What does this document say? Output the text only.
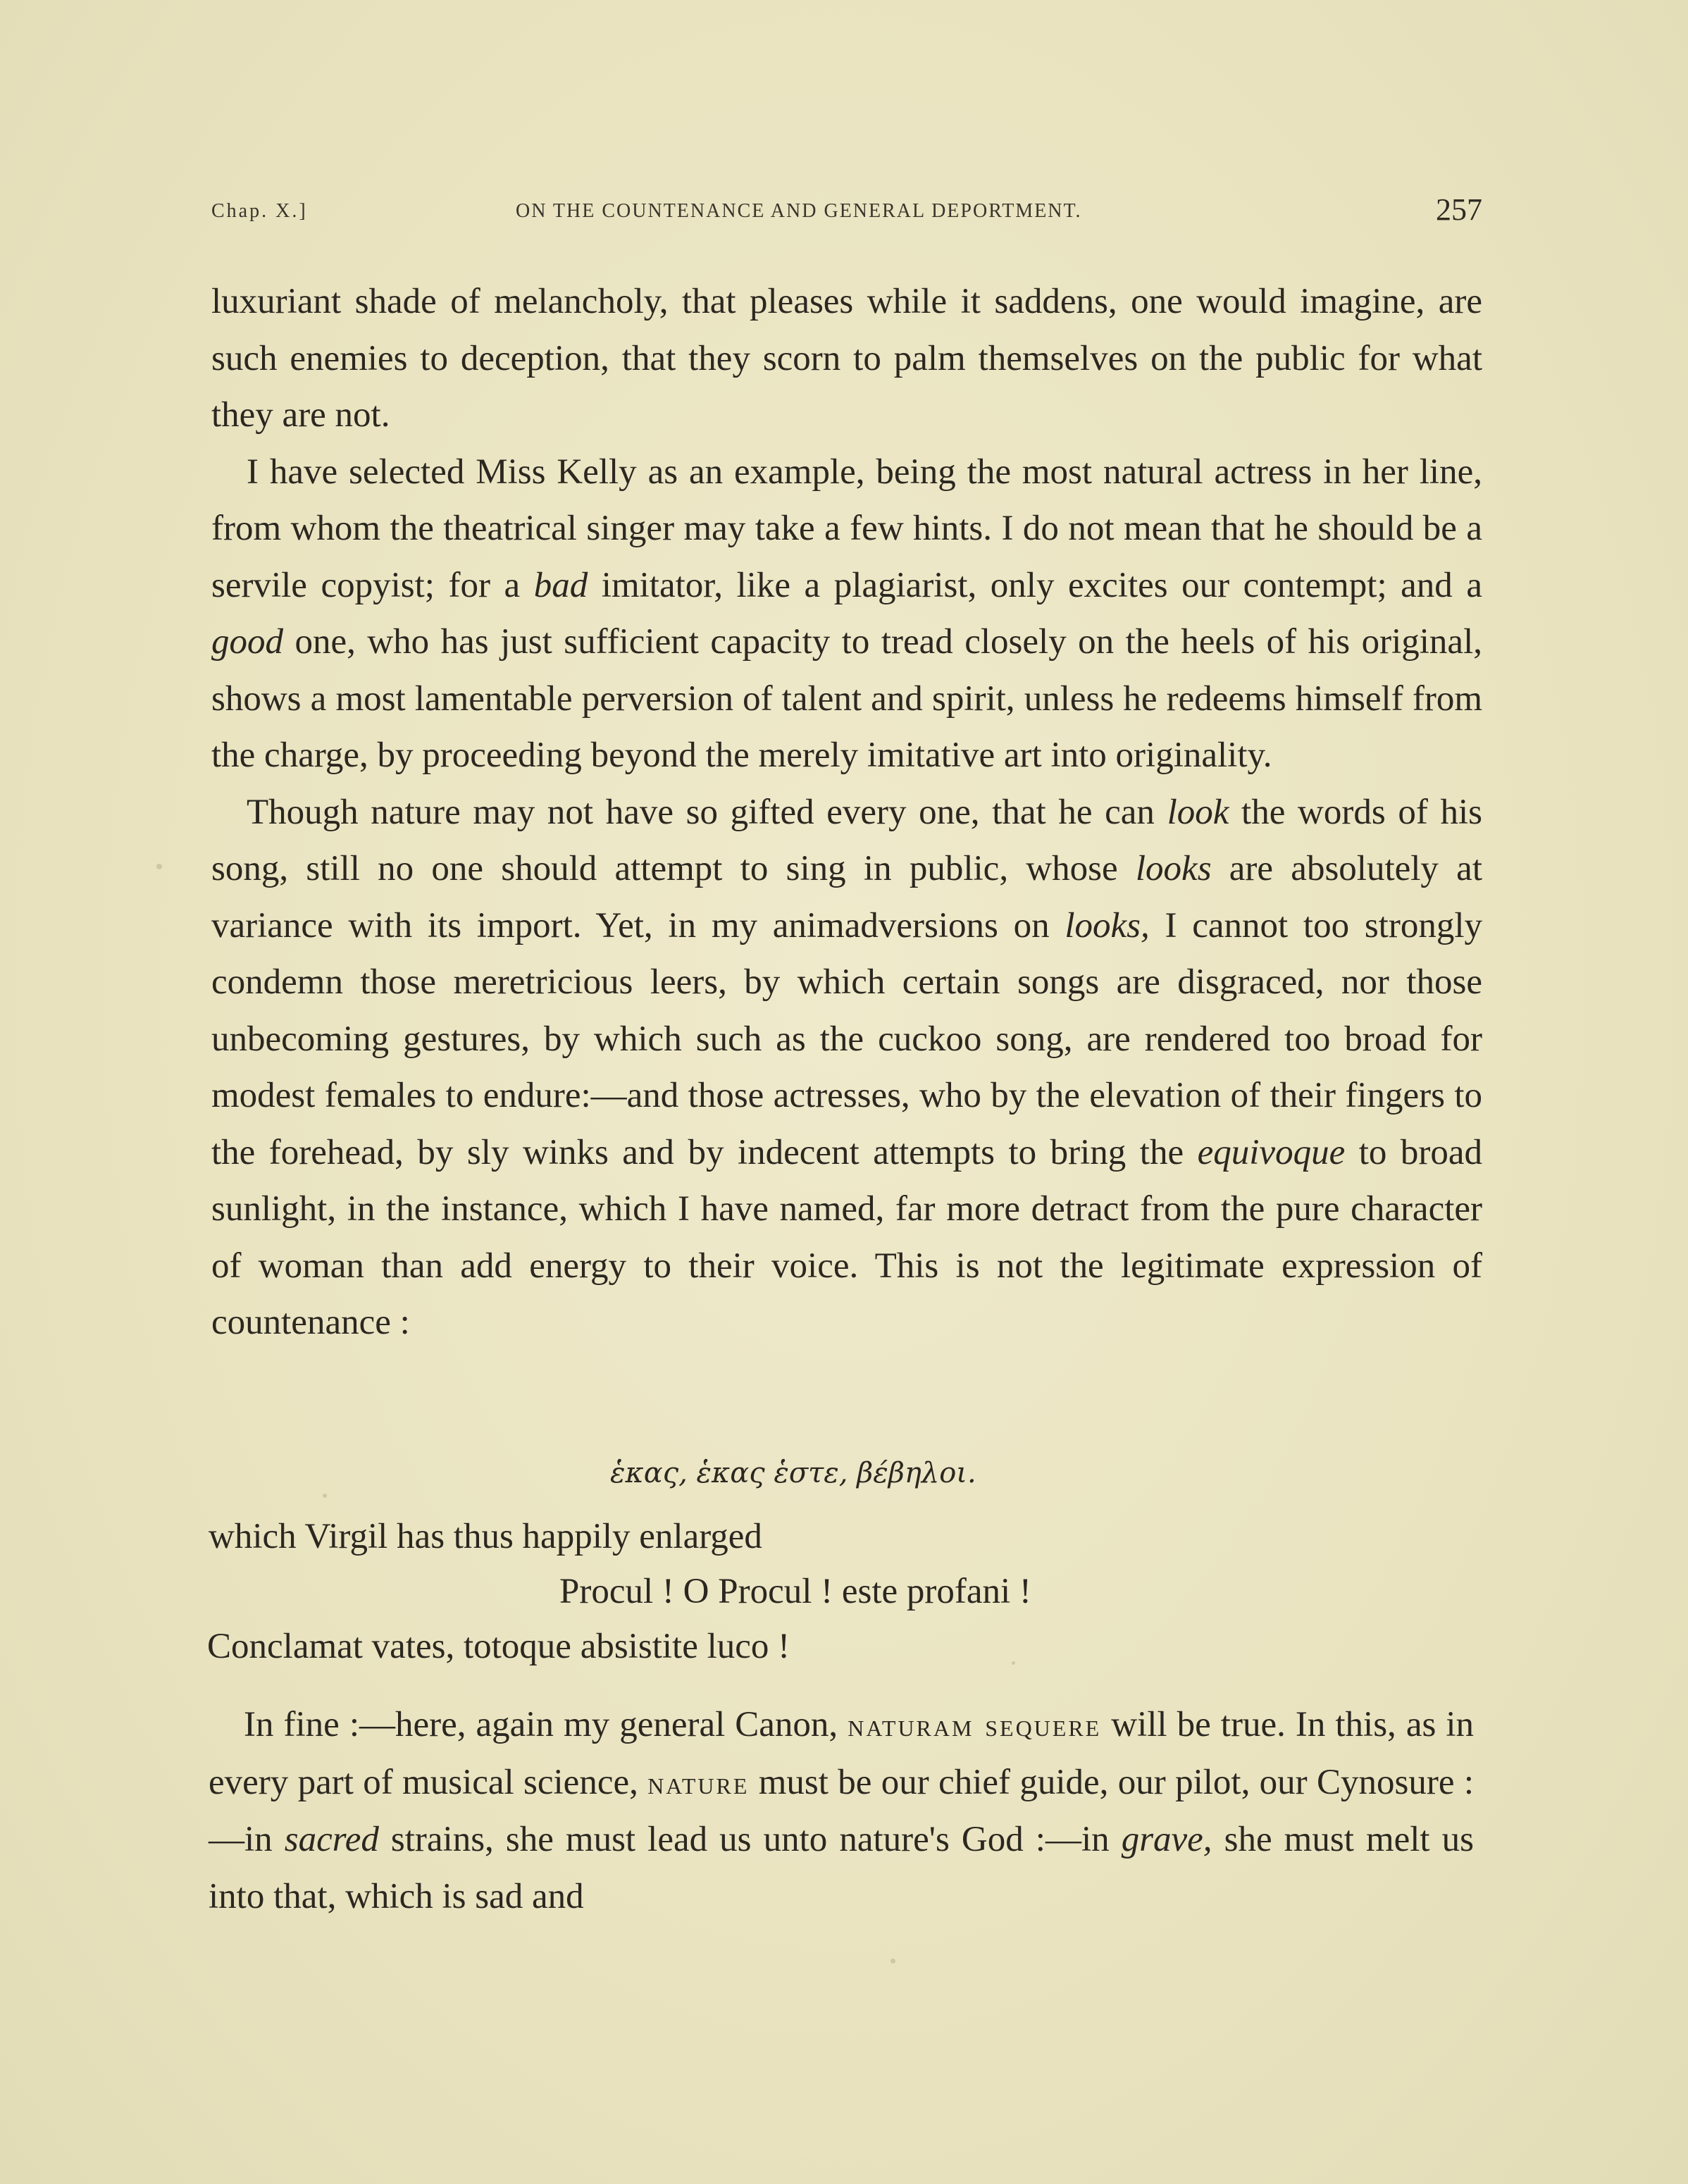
Chap. X.]	ON THE COUNTENANCE AND GENERAL DEPORTMENT.	257

luxuriant shade of melancholy, that pleases while it saddens, one would imagine, are such enemies to deception, that they scorn to palm themselves on the public for what they are not.

I have selected Miss Kelly as an example, being the most natural actress in her line, from whom the theatrical singer may take a few hints. I do not mean that he should be a servile copyist; for a bad imitator, like a plagiarist, only excites our contempt; and a good one, who has just sufficient capacity to tread closely on the heels of his original, shows a most lamentable perversion of talent and spirit, unless he redeems himself from the charge, by proceeding beyond the merely imitative art into originality.

Though nature may not have so gifted every one, that he can look the words of his song, still no one should attempt to sing in public, whose looks are absolutely at variance with its import. Yet, in my animadversions on looks, I cannot too strongly condemn those meretricious leers, by which certain songs are disgraced, nor those unbecoming gestures, by which such as the cuckoo song, are rendered too broad for modest females to endure:—and those actresses, who by the elevation of their fingers to the forehead, by sly winks and by indecent attempts to bring the equivoque to broad sunlight, in the instance, which I have named, far more detract from the pure character of woman than add energy to their voice. This is not the legitimate expression of countenance :

ἑκας, ἑκας ἑστε, βέβηλοι.
which Virgil has thus happily enlarged
Procul ! O Procul ! este profani !
Conclamat vates, totoque absistite luco !

In fine :—here, again my general Canon, naturam sequere will be true. In this, as in every part of musical science, nature must be our chief guide, our pilot, our Cynosure :—in sacred strains, she must lead us unto nature's God :—in grave, she must melt us into that, which is sad and
